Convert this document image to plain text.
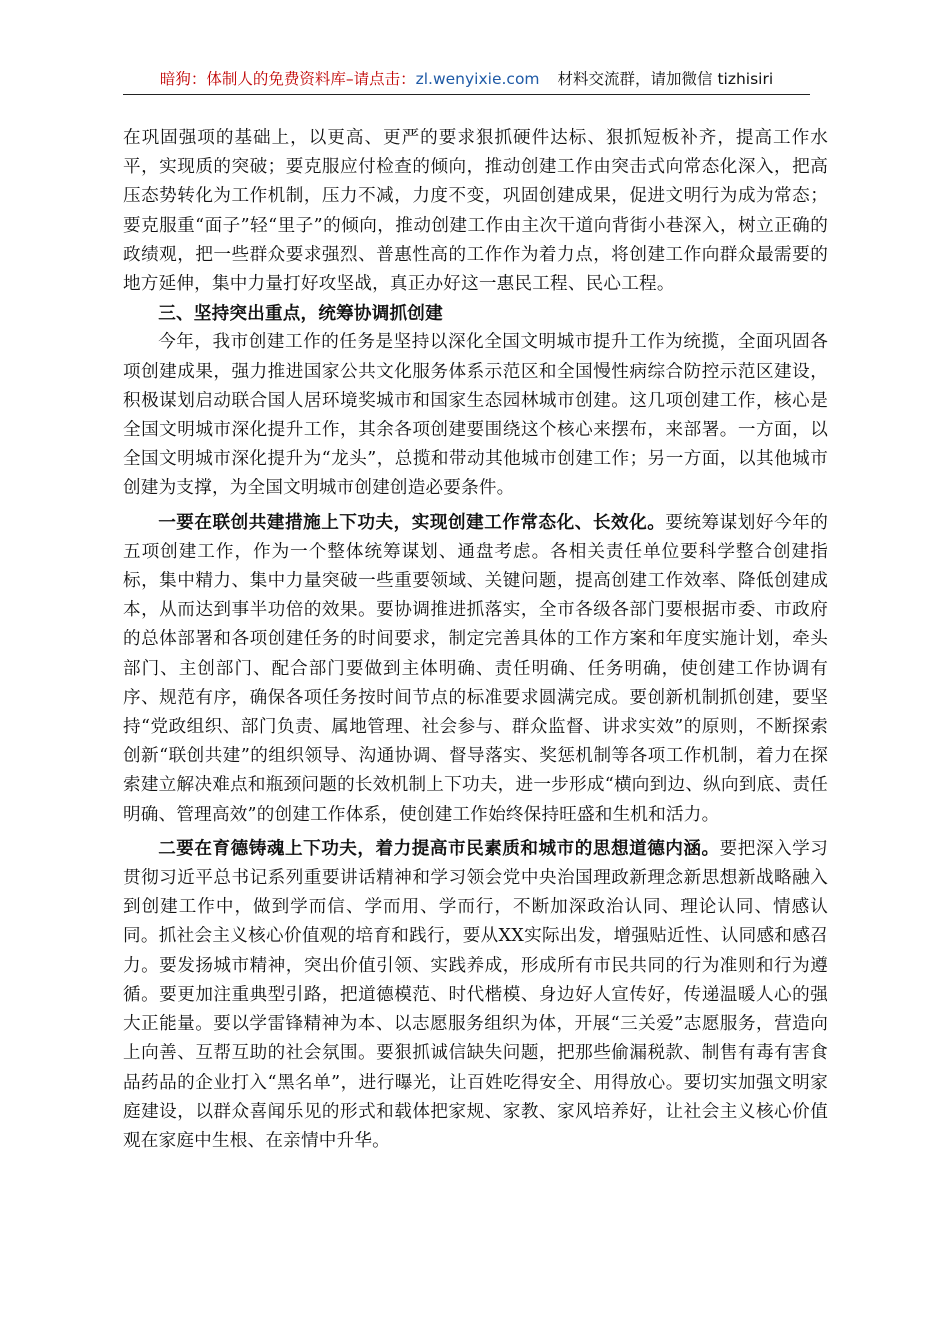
暗狗：体制人的免费资料库–请点击：zl.wenyixie.com 材料交流群，请加微信 tizhisiri

在巩固强项的基础上，以更高、更严的要求狠抓硬件达标、狠抓短板补齐，提高工作水平，实现质的突破；要克服应付检查的倾向，推动创建工作由突击式向常态化深入，把高压态势转化为工作机制，压力不减，力度不变，巩固创建成果，促进文明行为成为常态；要克服重“面子”轻“里子”的倾向，推动创建工作由主次干道向背街小巷深入，树立正确的政绩观，把一些群众要求强烈、普惠性高的工作作为着力点，将创建工作向群众最需要的地方延伸，集中力量打好攻坚战，真正办好这一惠民工程、民心工程。

三、坚持突出重点，统筹协调抓创建

今年，我市创建工作的任务是坚持以深化全国文明城市提升工作为统揽，全面巩固各项创建成果，强力推进国家公共文化服务体系示范区和全国慢性病综合防控示范区建设，积极谋划启动联合国人居环境奖城市和国家生态园林城市创建。这几项创建工作，核心是全国文明城市深化提升工作，其余各项创建要围绕这个核心来摆布，来部署。一方面，以全国文明城市深化提升为“龙头”，总揽和带动其他城市创建工作；另一方面，以其他城市创建为支撑，为全国文明城市创建创造必要条件。

一要在联创共建措施上下功夫，实现创建工作常态化、长效化。要统筹谋划好今年的五项创建工作，作为一个整体统筹谋划、通盘考虑。各相关责任单位要科学整合创建指标，集中精力、集中力量突破一些重要领域、关键问题，提高创建工作效率、降低创建成本，从而达到事半功倍的效果。要协调推进抓落实，全市各级各部门要根据市委、市政府的总体部署和各项创建任务的时间要求，制定完善具体的工作方案和年度实施计划，牵头部门、主创部门、配合部门要做到主体明确、责任明确、任务明确，使创建工作协调有序、规范有序，确保各项任务按时间节点的标准要求圆满完成。要创新机制抓创建，要坚持“党政组织、部门负责、属地管理、社会参与、群众监督、讲求实效”的原则，不断探索创新“联创共建”的组织领导、沟通协调、督导落实、奖惩机制等各项工作机制，着力在探索建立解决难点和瓶颈问题的长效机制上下功夫，进一步形成“横向到边、纵向到底、责任明确、管理高效”的创建工作体系，使创建工作始终保持旺盛和生机和活力。

二要在育德铸魂上下功夫，着力提高市民素质和城市的思想道德内涵。要把深入学习贯彻习近平总书记系列重要讲话精神和学习领会党中央治国理政新理念新思想新战略融入到创建工作中，做到学而信、学而用、学而行，不断加深政治认同、理论认同、情感认同。抓社会主义核心价值观的培育和践行，要从XX实际出发，增强贴近性、认同感和感召力。要发扬城市精神，突出价值引领、实践养成，形成所有市民共同的行为准则和行为遵循。要更加注重典型引路，把道德模范、时代楷模、身边好人宣传好，传递温暖人心的强大正能量。要以学雷锋精神为本、以志愿服务组织为体，开展“三关爱”志愿服务，营造向上向善、互帮互助的社会氛围。要狠抓诚信缺失问题，把那些偷漏税款、制售有毒有害食品药品的企业打入“黑名单”，进行曝光，让百姓吃得安全、用得放心。要切实加强文明家庭建设，以群众喜闻乐见的形式和载体把家规、家教、家风培养好，让社会主义核心价值观在家庭中生根、在亲情中升华。
